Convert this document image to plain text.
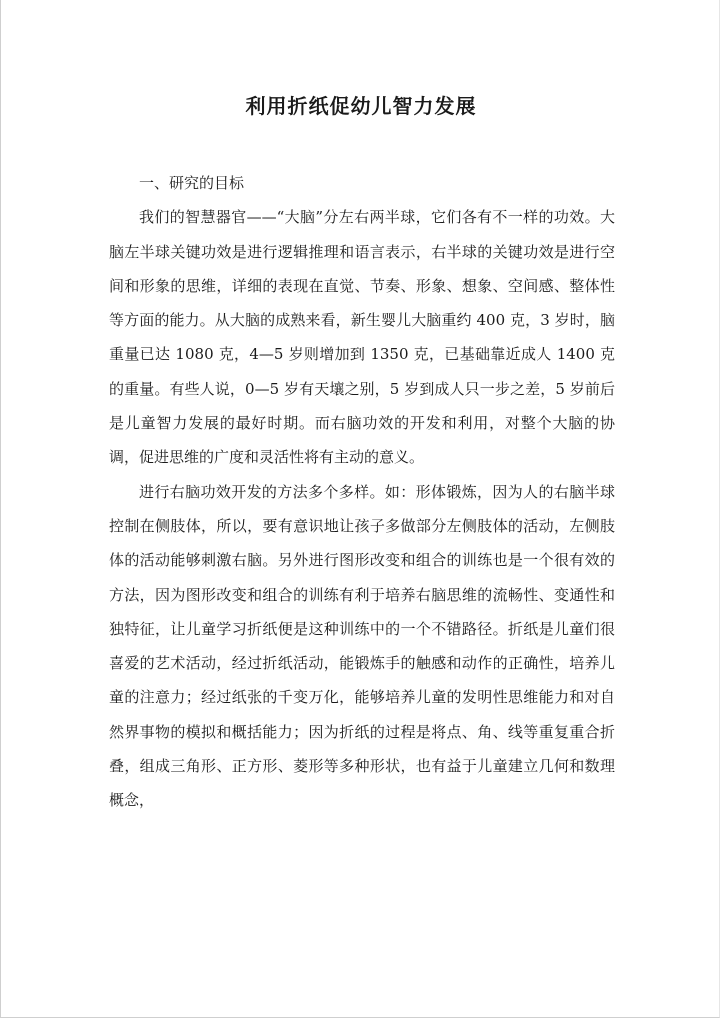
利用折纸促幼儿智力发展

一、研究的目标

我们的智慧器官——“大脑”分左右两半球，它们各有不一样的功效。大脑左半球关键功效是进行逻辑推理和语言表示，右半球的关键功效是进行空间和形象的思维，详细的表现在直觉、节奏、形象、想象、空间感、整体性等方面的能力。从大脑的成熟来看，新生婴儿大脑重约 400 克，3 岁时，脑重量已达 1080 克，4—5 岁则增加到 1350 克，已基础靠近成人 1400 克的重量。有些人说，0—5 岁有天壤之别，5 岁到成人只一步之差，5 岁前后是儿童智力发展的最好时期。而右脑功效的开发和利用，对整个大脑的协调，促进思维的广度和灵活性将有主动的意义。

进行右脑功效开发的方法多个多样。如：形体锻炼，因为人的右脑半球控制在侧肢体，所以，要有意识地让孩子多做部分左侧肢体的活动，左侧肢体的活动能够刺激右脑。另外进行图形改变和组合的训练也是一个很有效的方法，因为图形改变和组合的训练有利于培养右脑思维的流畅性、变通性和独特征，让儿童学习折纸便是这种训练中的一个不错路径。折纸是儿童们很喜爱的艺术活动，经过折纸活动，能锻炼手的触感和动作的正确性，培养儿童的注意力；经过纸张的千变万化，能够培养儿童的发明性思维能力和对自然界事物的模拟和概括能力；因为折纸的过程是将点、角、线等重复重合折叠，组成三角形、正方形、菱形等多种形状，也有益于儿童建立几何和数理概念，
